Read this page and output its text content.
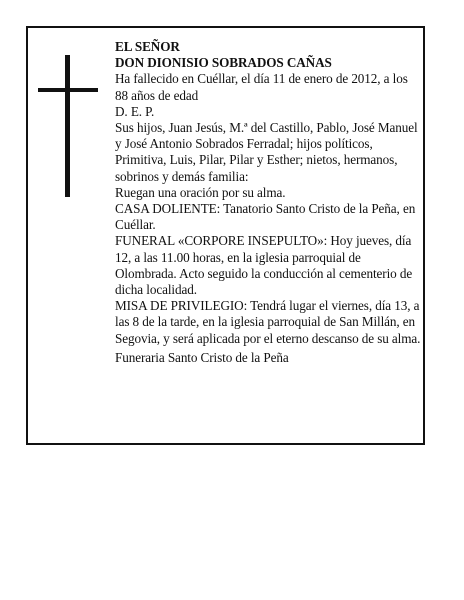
EL SEÑOR

DON DIONISIO SOBRADOS CAÑAS

Ha fallecido en Cuéllar, el día 11 de enero de 2012, a los 88 años de edad

D. E. P.

Sus hijos, Juan Jesús, M.ª del Castillo, Pablo, José Manuel y José Antonio Sobrados Ferradal; hijos políticos, Primitiva, Luis, Pilar, Pilar y Esther; nietos, hermanos, sobrinos y demás familia:

Ruegan una oración por su alma.

CASA DOLIENTE: Tanatorio Santo Cristo de la Peña, en Cuéllar.

FUNERAL «CORPORE INSEPULTO»: Hoy jueves, día 12, a las 11.00 horas, en la iglesia parroquial de Olombrada. Acto seguido la conducción al cementerio de dicha localidad.

MISA DE PRIVILEGIO: Tendrá lugar el viernes, día 13, a las 8 de la tarde, en la iglesia parroquial de San Millán, en Segovia, y será aplicada por el eterno descanso de su alma.

Funeraria Santo Cristo de la Peña
